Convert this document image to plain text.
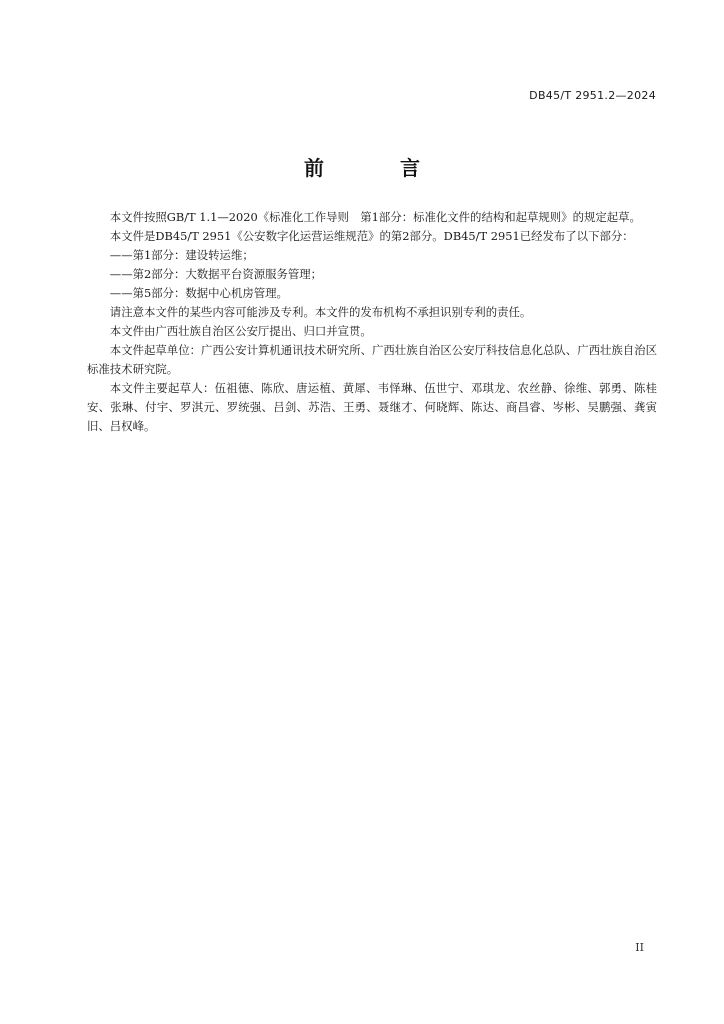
DB45/T 2951.2—2024
前　言

本文件按照GB/T 1.1—2020《标准化工作导则　第1部分：标准化文件的结构和起草规则》的规定起草。

本文件是DB45/T 2951《公安数字化运营运维规范》的第2部分。DB45/T 2951已经发布了以下部分：

——第1部分：建设转运维；

——第2部分：大数据平台资源服务管理；

——第5部分：数据中心机房管理。

请注意本文件的某些内容可能涉及专利。本文件的发布机构不承担识别专利的责任。

本文件由广西壮族自治区公安厅提出、归口并宣贯。

本文件起草单位：广西公安计算机通讯技术研究所、广西壮族自治区公安厅科技信息化总队、广西壮族自治区标准技术研究院。

本文件主要起草人：伍祖德、陈欣、唐运植、黄犀、韦怿琳、伍世宁、邓琪龙、农丝静、徐维、郭勇、陈桂安、张琳、付宇、罗淇元、罗统强、吕剑、苏浩、王勇、聂继才、何晓辉、陈达、商昌睿、岑彬、吴鹏强、龚寅旧、吕权峰。

II
